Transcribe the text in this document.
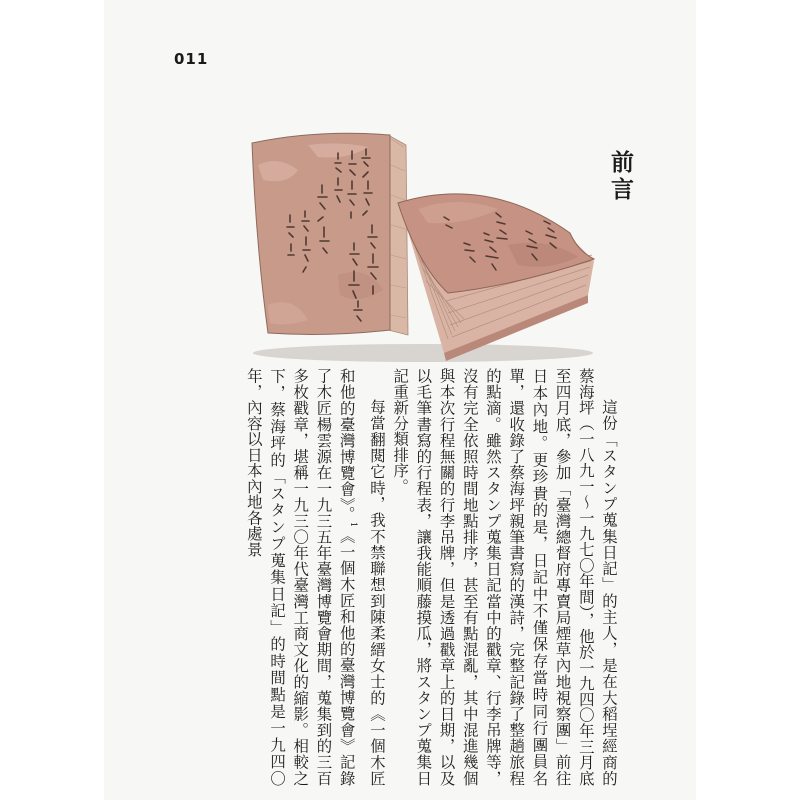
011
前言

這份「スタンプ蒐集日記」的主人，是在大稻埕經商的蔡海坪（一八九一～一九七〇年間），他於一九四〇年三月底至四月底，參加「臺灣總督府專賣局煙草內地視察團」前往日本內地。更珍貴的是，日記中不僅保存當時同行團員名單，還收錄了蔡海坪親筆書寫的漢詩，完整記錄了整趟旅程的點滴。雖然スタンプ蒐集日記當中的戳章、行李吊牌等，沒有完全依照時間地點排序，甚至有點混亂，其中混進幾個與本次行程無關的行李吊牌，但是透過戳章上的日期，以及以毛筆書寫的行程表，讓我能順藤摸瓜，將スタンプ蒐集日記重新分類排序。

每當翻閱它時，我不禁聯想到陳柔縉女士的《一個木匠和他的臺灣博覽會》。$^1$《一個木匠和他的臺灣博覽會》記錄了木匠楊雲源在一九三五年臺灣博覽會期間，蒐集到的三百多枚戳章，堪稱一九三〇年代臺灣工商文化的縮影。相較之下，蔡海坪的「スタンプ蒐集日記」的時間點是一九四〇年，內容以日本內地各處景
